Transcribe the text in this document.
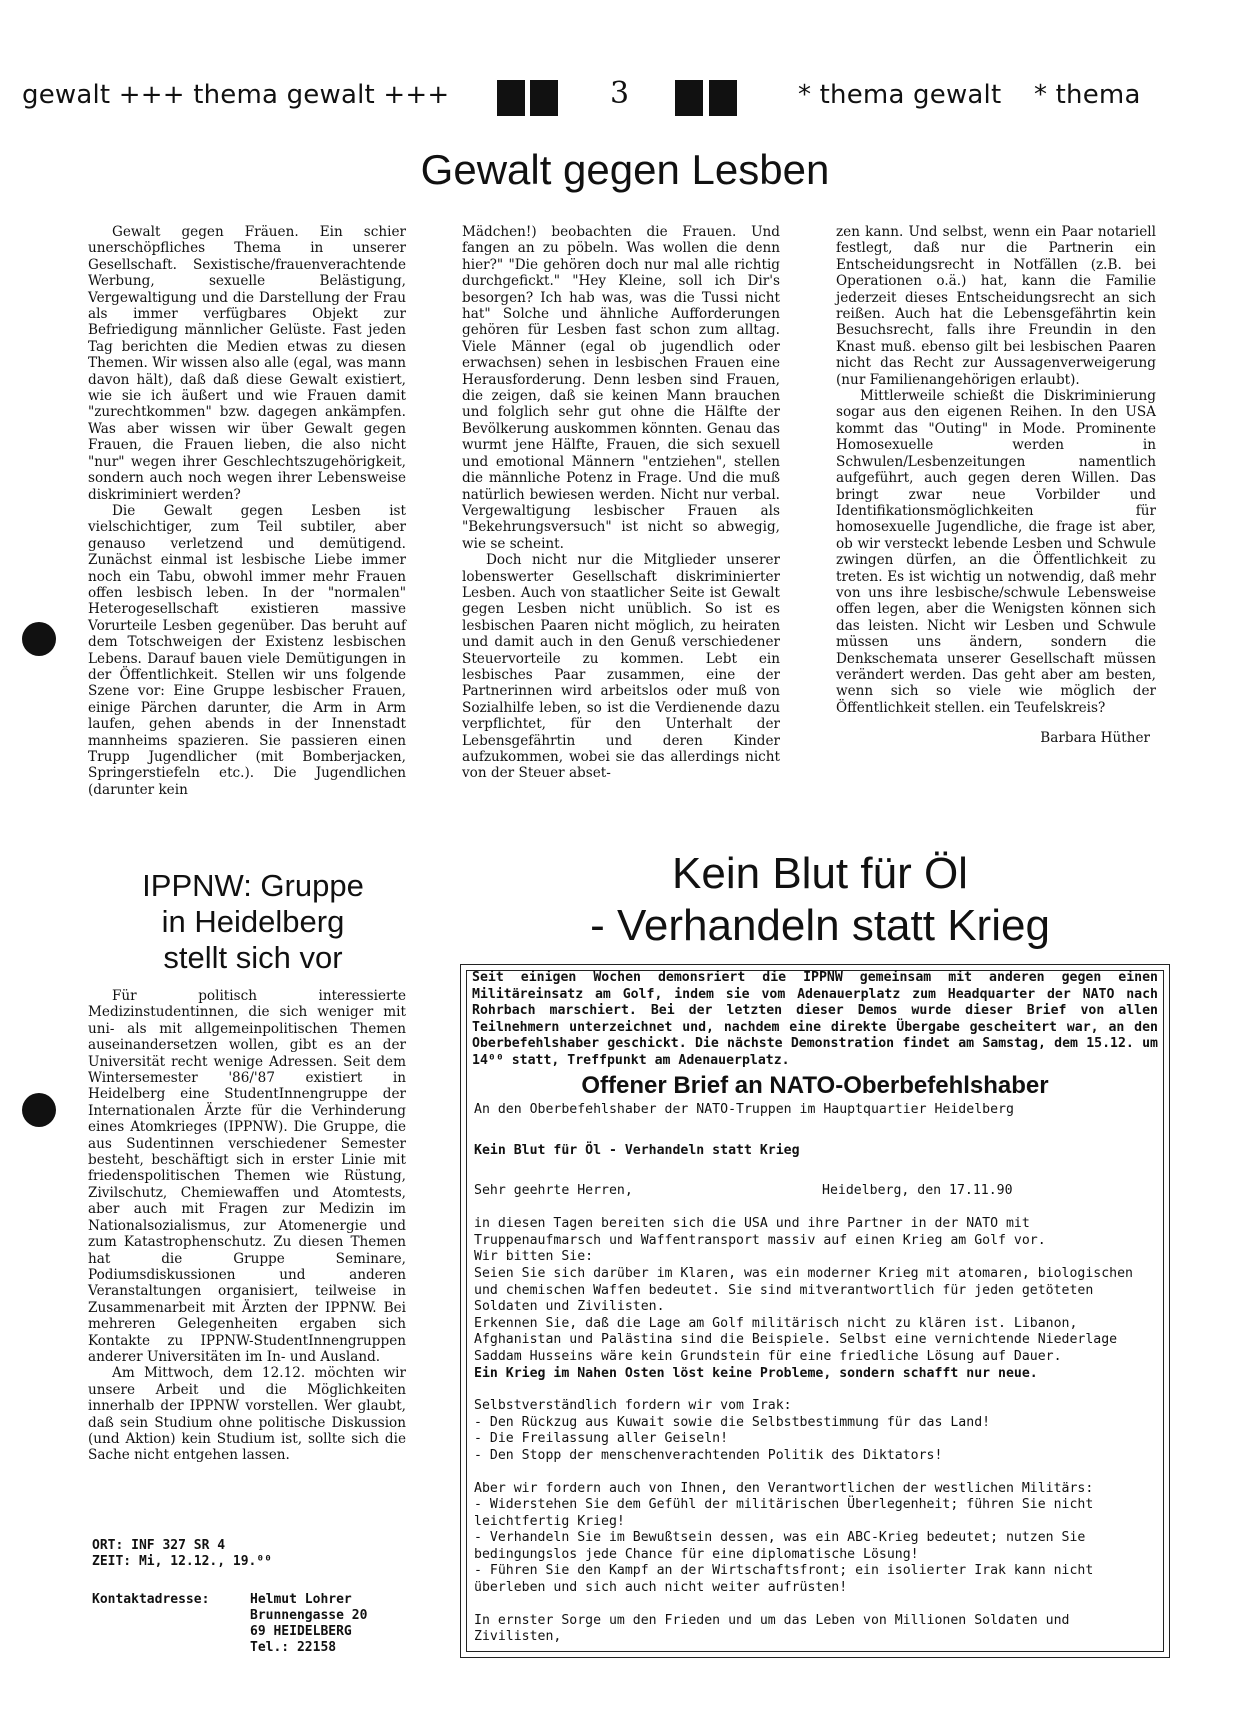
gewalt +++ thema gewalt +++	3	* thema gewalt * thema
Gewalt gegen Lesben

Gewalt gegen Fräuen. Ein schier unerschöpfliches Thema in unserer Gesellschaft. Sexistische/frauenverachtende Werbung, sexuelle Belästigung, Vergewaltigung und die Darstellung der Frau als immer verfügbares Objekt zur Befriedigung männlicher Gelüste. Fast jeden Tag berichten die Medien etwas zu diesen Themen. Wir wissen also alle (egal, was mann davon hält), daß daß diese Gewalt existiert, wie sie ich äußert und wie Frauen damit "zurechtkommen" bzw. dagegen ankämpfen. Was aber wissen wir über Gewalt gegen Frauen, die Frauen lieben, die also nicht "nur" wegen ihrer Geschlechtszugehörigkeit, sondern auch noch wegen ihrer Lebensweise diskriminiert werden?

Die Gewalt gegen Lesben ist vielschichtiger, zum Teil subtiler, aber genauso verletzend und demütigend. Zunächst einmal ist lesbische Liebe immer noch ein Tabu, obwohl immer mehr Frauen offen lesbisch leben. In der "normalen" Heterogesellschaft existieren massive Vorurteile Lesben gegenüber. Das beruht auf dem Totschweigen der Existenz lesbischen Lebens. Darauf bauen viele Demütigungen in der Öffentlichkeit. Stellen wir uns folgende Szene vor: Eine Gruppe lesbischer Frauen, einige Pärchen darunter, die Arm in Arm laufen, gehen abends in der Innenstadt mannheims spazieren. Sie passieren einen Trupp Jugendlicher (mit Bomberjacken, Springerstiefeln etc.). Die Jugendlichen (darunter kein

Mädchen!) beobachten die Frauen. Und fangen an zu pöbeln. Was wollen die denn hier?" "Die gehören doch nur mal alle richtig durchgefickt." "Hey Kleine, soll ich Dir's besorgen? Ich hab was, was die Tussi nicht hat" Solche und ähnliche Aufforderungen gehören für Lesben fast schon zum alltag. Viele Männer (egal ob jugendlich oder erwachsen) sehen in lesbischen Frauen eine Herausforderung. Denn lesben sind Frauen, die zeigen, daß sie keinen Mann brauchen und folglich sehr gut ohne die Hälfte der Bevölkerung auskommen könnten. Genau das wurmt jene Hälfte, Frauen, die sich sexuell und emotional Männern "entziehen", stellen die männliche Potenz in Frage. Und die muß natürlich bewiesen werden. Nicht nur verbal. Vergewaltigung lesbischer Frauen als "Bekehrungsversuch" ist nicht so abwegig, wie se scheint.

Doch nicht nur die Mitglieder unserer lobenswerter Gesellschaft diskriminierter Lesben. Auch von staatlicher Seite ist Gewalt gegen Lesben nicht unüblich. So ist es lesbischen Paaren nicht möglich, zu heiraten und damit auch in den Genuß verschiedener Steuervorteile zu kommen. Lebt ein lesbisches Paar zusammen, eine der Partnerinnen wird arbeitslos oder muß von Sozialhilfe leben, so ist die Verdienende dazu verpflichtet, für den Unterhalt der Lebensgefährtin und deren Kinder aufzukommen, wobei sie das allerdings nicht von der Steuer abset-

zen kann. Und selbst, wenn ein Paar notariell festlegt, daß nur die Partnerin ein Entscheidungsrecht in Notfällen (z.B. bei Operationen o.ä.) hat, kann die Familie jederzeit dieses Entscheidungsrecht an sich reißen. Auch hat die Lebensgefährtin kein Besuchsrecht, falls ihre Freundin in den Knast muß. ebenso gilt bei lesbischen Paaren nicht das Recht zur Aussagenverweigerung (nur Familienangehörigen erlaubt).

Mittlerweile schießt die Diskriminierung sogar aus den eigenen Reihen. In den USA kommt das "Outing" in Mode. Prominente Homosexuelle werden in Schwulen/Lesbenzeitungen namentlich aufgeführt, auch gegen deren Willen. Das bringt zwar neue Vorbilder und Identifikationsmöglichkeiten für homosexuelle Jugendliche, die frage ist aber, ob wir versteckt lebende Lesben und Schwule zwingen dürfen, an die Öffentlichkeit zu treten. Es ist wichtig un notwendig, daß mehr von uns ihre lesbische/schwule Lebensweise offen legen, aber die Wenigsten können sich das leisten. Nicht wir Lesben und Schwule müssen uns ändern, sondern die Denkschemata unserer Gesellschaft müssen verändert werden. Das geht aber am besten, wenn sich so viele wie möglich der Öffentlichkeit stellen. ein Teufelskreis?

Barbara Hüther
IPPNW: Gruppe
in Heidelberg
stellt sich vor

Für politisch interessierte Medizinstudentinnen, die sich weniger mit uni- als mit allgemeinpolitischen Themen auseinandersetzen wollen, gibt es an der Universität recht wenige Adressen. Seit dem Wintersemester '86/'87 existiert in Heidelberg eine StudentInnengruppe der Internationalen Ärzte für die Verhinderung eines Atomkrieges (IPPNW). Die Gruppe, die aus Sudentinnen verschiedener Semester besteht, beschäftigt sich in erster Linie mit friedenspolitischen Themen wie Rüstung, Zivilschutz, Chemiewaffen und Atomtests, aber auch mit Fragen zur Medizin im Nationalsozialismus, zur Atomenergie und zum Katastrophenschutz. Zu diesen Themen hat die Gruppe Seminare, Podiumsdiskussionen und anderen Veranstaltungen organisiert, teilweise in Zusammenarbeit mit Ärzten der IPPNW. Bei mehreren Gelegenheiten ergaben sich Kontakte zu IPPNW-StudentInnengruppen anderer Universitäten im In- und Ausland.

Am Mittwoch, dem 12.12. möchten wir unsere Arbeit und die Möglichkeiten innerhalb der IPPNW vorstellen. Wer glaubt, daß sein Studium ohne politische Diskussion (und Aktion) kein Studium ist, sollte sich die Sache nicht entgehen lassen.

ORT: INF 327 SR 4
ZEIT: Mi, 12.12., 19.⁰⁰
Kontaktadresse:	Helmut Lohrer
Brunnengasse 20
69 HEIDELBERG
Tel.: 22158
Kein Blut für Öl
- Verhandeln statt Krieg
Seit einigen Wochen demonsriert die IPPNW gemeinsam mit anderen gegen einen Militäreinsatz am Golf, indem sie vom Adenauerplatz zum Headquarter der NATO nach Rohrbach marschiert. Bei der letzten dieser Demos wurde dieser Brief von allen Teilnehmern unterzeichnet und, nachdem eine direkte Übergabe gescheitert war, an den Oberbefehlshaber geschickt. Die nächste Demonstration findet am Samstag, dem 15.12. um 14⁰⁰ statt, Treffpunkt am Adenauerplatz.
Offener Brief an NATO-Oberbefehlshaber

An den Oberbefehlshaber der NATO-Truppen im Hauptquartier Heidelberg

Kein Blut für Öl - Verhandeln statt Krieg

Sehr geehrte Herren,	Heidelberg, den 17.11.90

in diesen Tagen bereiten sich die USA und ihre Partner in der NATO mit Truppenaufmarsch und Waffentransport massiv auf einen Krieg am Golf vor.

Wir bitten Sie:

Seien Sie sich darüber im Klaren, was ein moderner Krieg mit atomaren, biologischen und chemischen Waffen bedeutet. Sie sind mitverantwortlich für jeden getöteten Soldaten und Zivilisten.

Erkennen Sie, daß die Lage am Golf militärisch nicht zu klären ist. Libanon, Afghanistan und Palästina sind die Beispiele. Selbst eine vernichtende Niederlage Saddam Husseins wäre kein Grundstein für eine friedliche Lösung auf Dauer.

Ein Krieg im Nahen Osten löst keine Probleme, sondern schafft nur neue.

Selbstverständlich fordern wir vom Irak:

- Den Rückzug aus Kuwait sowie die Selbstbestimmung für das Land!

- Die Freilassung aller Geiseln!

- Den Stopp der menschenverachtenden Politik des Diktators!

Aber wir fordern auch von Ihnen, den Verantwortlichen der westlichen Militärs:

- Widerstehen Sie dem Gefühl der militärischen Überlegenheit; führen Sie nicht leichtfertig Krieg!

- Verhandeln Sie im Bewußtsein dessen, was ein ABC-Krieg bedeutet; nutzen Sie bedingungslos jede Chance für eine diplomatische Lösung!

- Führen Sie den Kampf an der Wirtschaftsfront; ein isolierter Irak kann nicht überleben und sich auch nicht weiter aufrüsten!

In ernster Sorge um den Frieden und um das Leben von Millionen Soldaten und Zivilisten,
